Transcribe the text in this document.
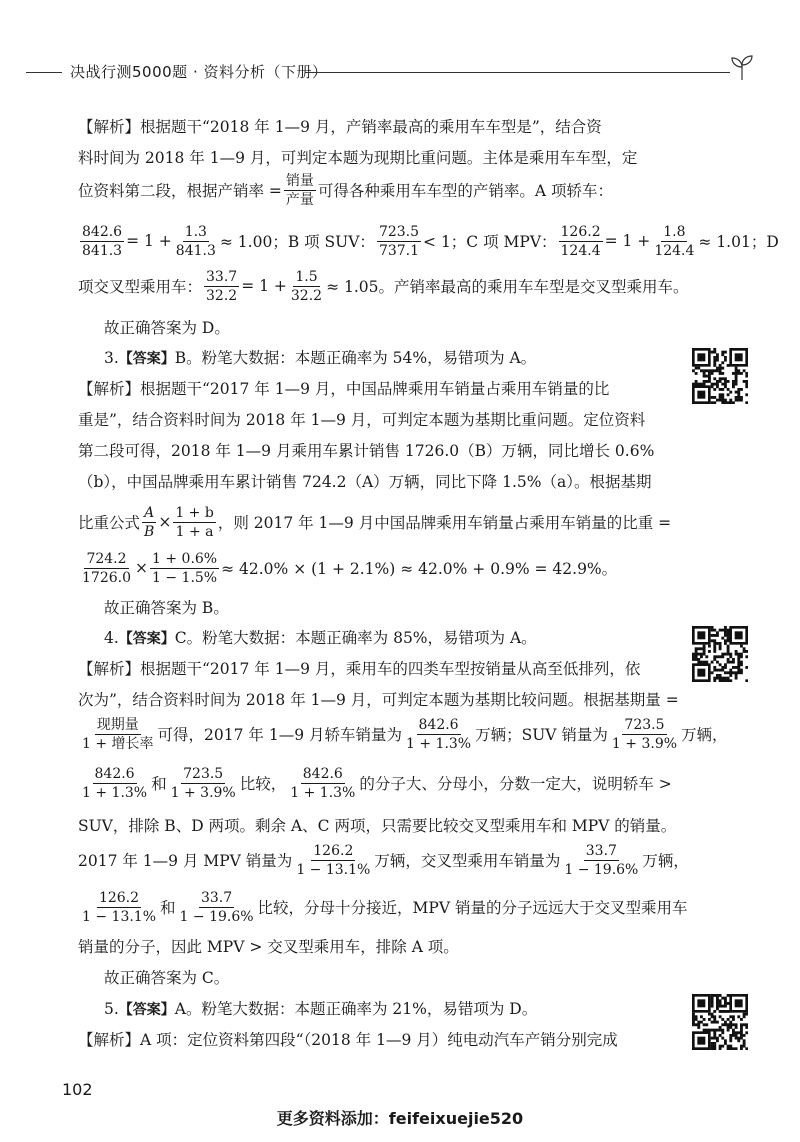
决战行测5000题 · 资料分析（下册）
【解析】根据题干“2018 年 1—9 月，产销率最高的乘用车车型是”，结合资
料时间为 2018 年 1—9 月，可判定本题为现期比重问题。主体是乘用车车型，定
位资料第二段，根据产销率 = $\frac{\text{销量}}{\text{产量}}$ 可得各种乘用车车型的产销率。A 项轿车：
$\frac{842.6}{841.3} = 1 + \frac{1.3}{841.3} \approx 1.00$；B 项 SUV： $\frac{723.5}{737.1} < 1$；C 项 MPV： $\frac{126.2}{124.4} = 1 + \frac{1.8}{124.4} \approx 1.01$；D
项交叉型乘用车： $\frac{33.7}{32.2} = 1 + \frac{1.5}{32.2} \approx 1.05$。产销率最高的乘用车车型是交叉型乘用车。
故正确答案为 D。
3.【答案】B。粉笔大数据：本题正确率为 54%，易错项为 A。
【解析】根据题干“2017 年 1—9 月，中国品牌乘用车销量占乘用车销量的比
重是”，结合资料时间为 2018 年 1—9 月，可判定本题为基期比重问题。定位资料
第二段可得，2018 年 1—9 月乘用车累计销售 1726.0（B）万辆，同比增长 0.6%
（b），中国品牌乘用车累计销售 724.2（A）万辆，同比下降 1.5%（a）。根据基期
比重公式 $\frac{A}{B} \times \frac{1 + b}{1 + a}$ ，则 2017 年 1—9 月中国品牌乘用车销量占乘用车销量的比重 =
$\frac{724.2}{1726.0} \times \frac{1 + 0.6\%}{1 - 1.5\%} \approx 42.0\% \times (1 + 2.1\%) \approx 42.0\% + 0.9\% = 42.9\%$。
故正确答案为 B。
4.【答案】C。粉笔大数据：本题正确率为 85%，易错项为 A。
【解析】根据题干“2017 年 1—9 月，乘用车的四类车型按销量从高至低排列，依
次为”，结合资料时间为 2018 年 1—9 月，可判定本题为基期比较问题。根据基期量 =
$\frac{\text{现期量}}{\text{1 + 增长率}}$ 可得，2017 年 1—9 月轿车销量为 $\frac{842.6}{1 + 1.3\%}$ 万辆；SUV 销量为 $\frac{723.5}{1 + 3.9\%}$ 万辆，
$\frac{842.6}{1 + 1.3\%}$ 和 $\frac{723.5}{1 + 3.9\%}$ 比较， $\frac{842.6}{1 + 1.3\%}$ 的分子大、分母小，分数一定大，说明轿车 >
SUV，排除 B、D 两项。剩余 A、C 两项，只需要比较交叉型乘用车和 MPV 的销量。
2017 年 1—9 月 MPV 销量为 $\frac{126.2}{1 - 13.1\%}$ 万辆，交叉型乘用车销量为 $\frac{33.7}{1 - 19.6\%}$ 万辆，
$\frac{126.2}{1 - 13.1\%}$ 和 $\frac{33.7}{1 - 19.6\%}$ 比较，分母十分接近，MPV 销量的分子远远大于交叉型乘用车
销量的分子，因此 MPV > 交叉型乘用车，排除 A 项。
故正确答案为 C。
5.【答案】A。粉笔大数据：本题正确率为 21%，易错项为 D。
【解析】A 项：定位资料第四段“（2018 年 1—9 月）纯电动汽车产销分别完成
102
更多资料添加：feifeixuejie520
